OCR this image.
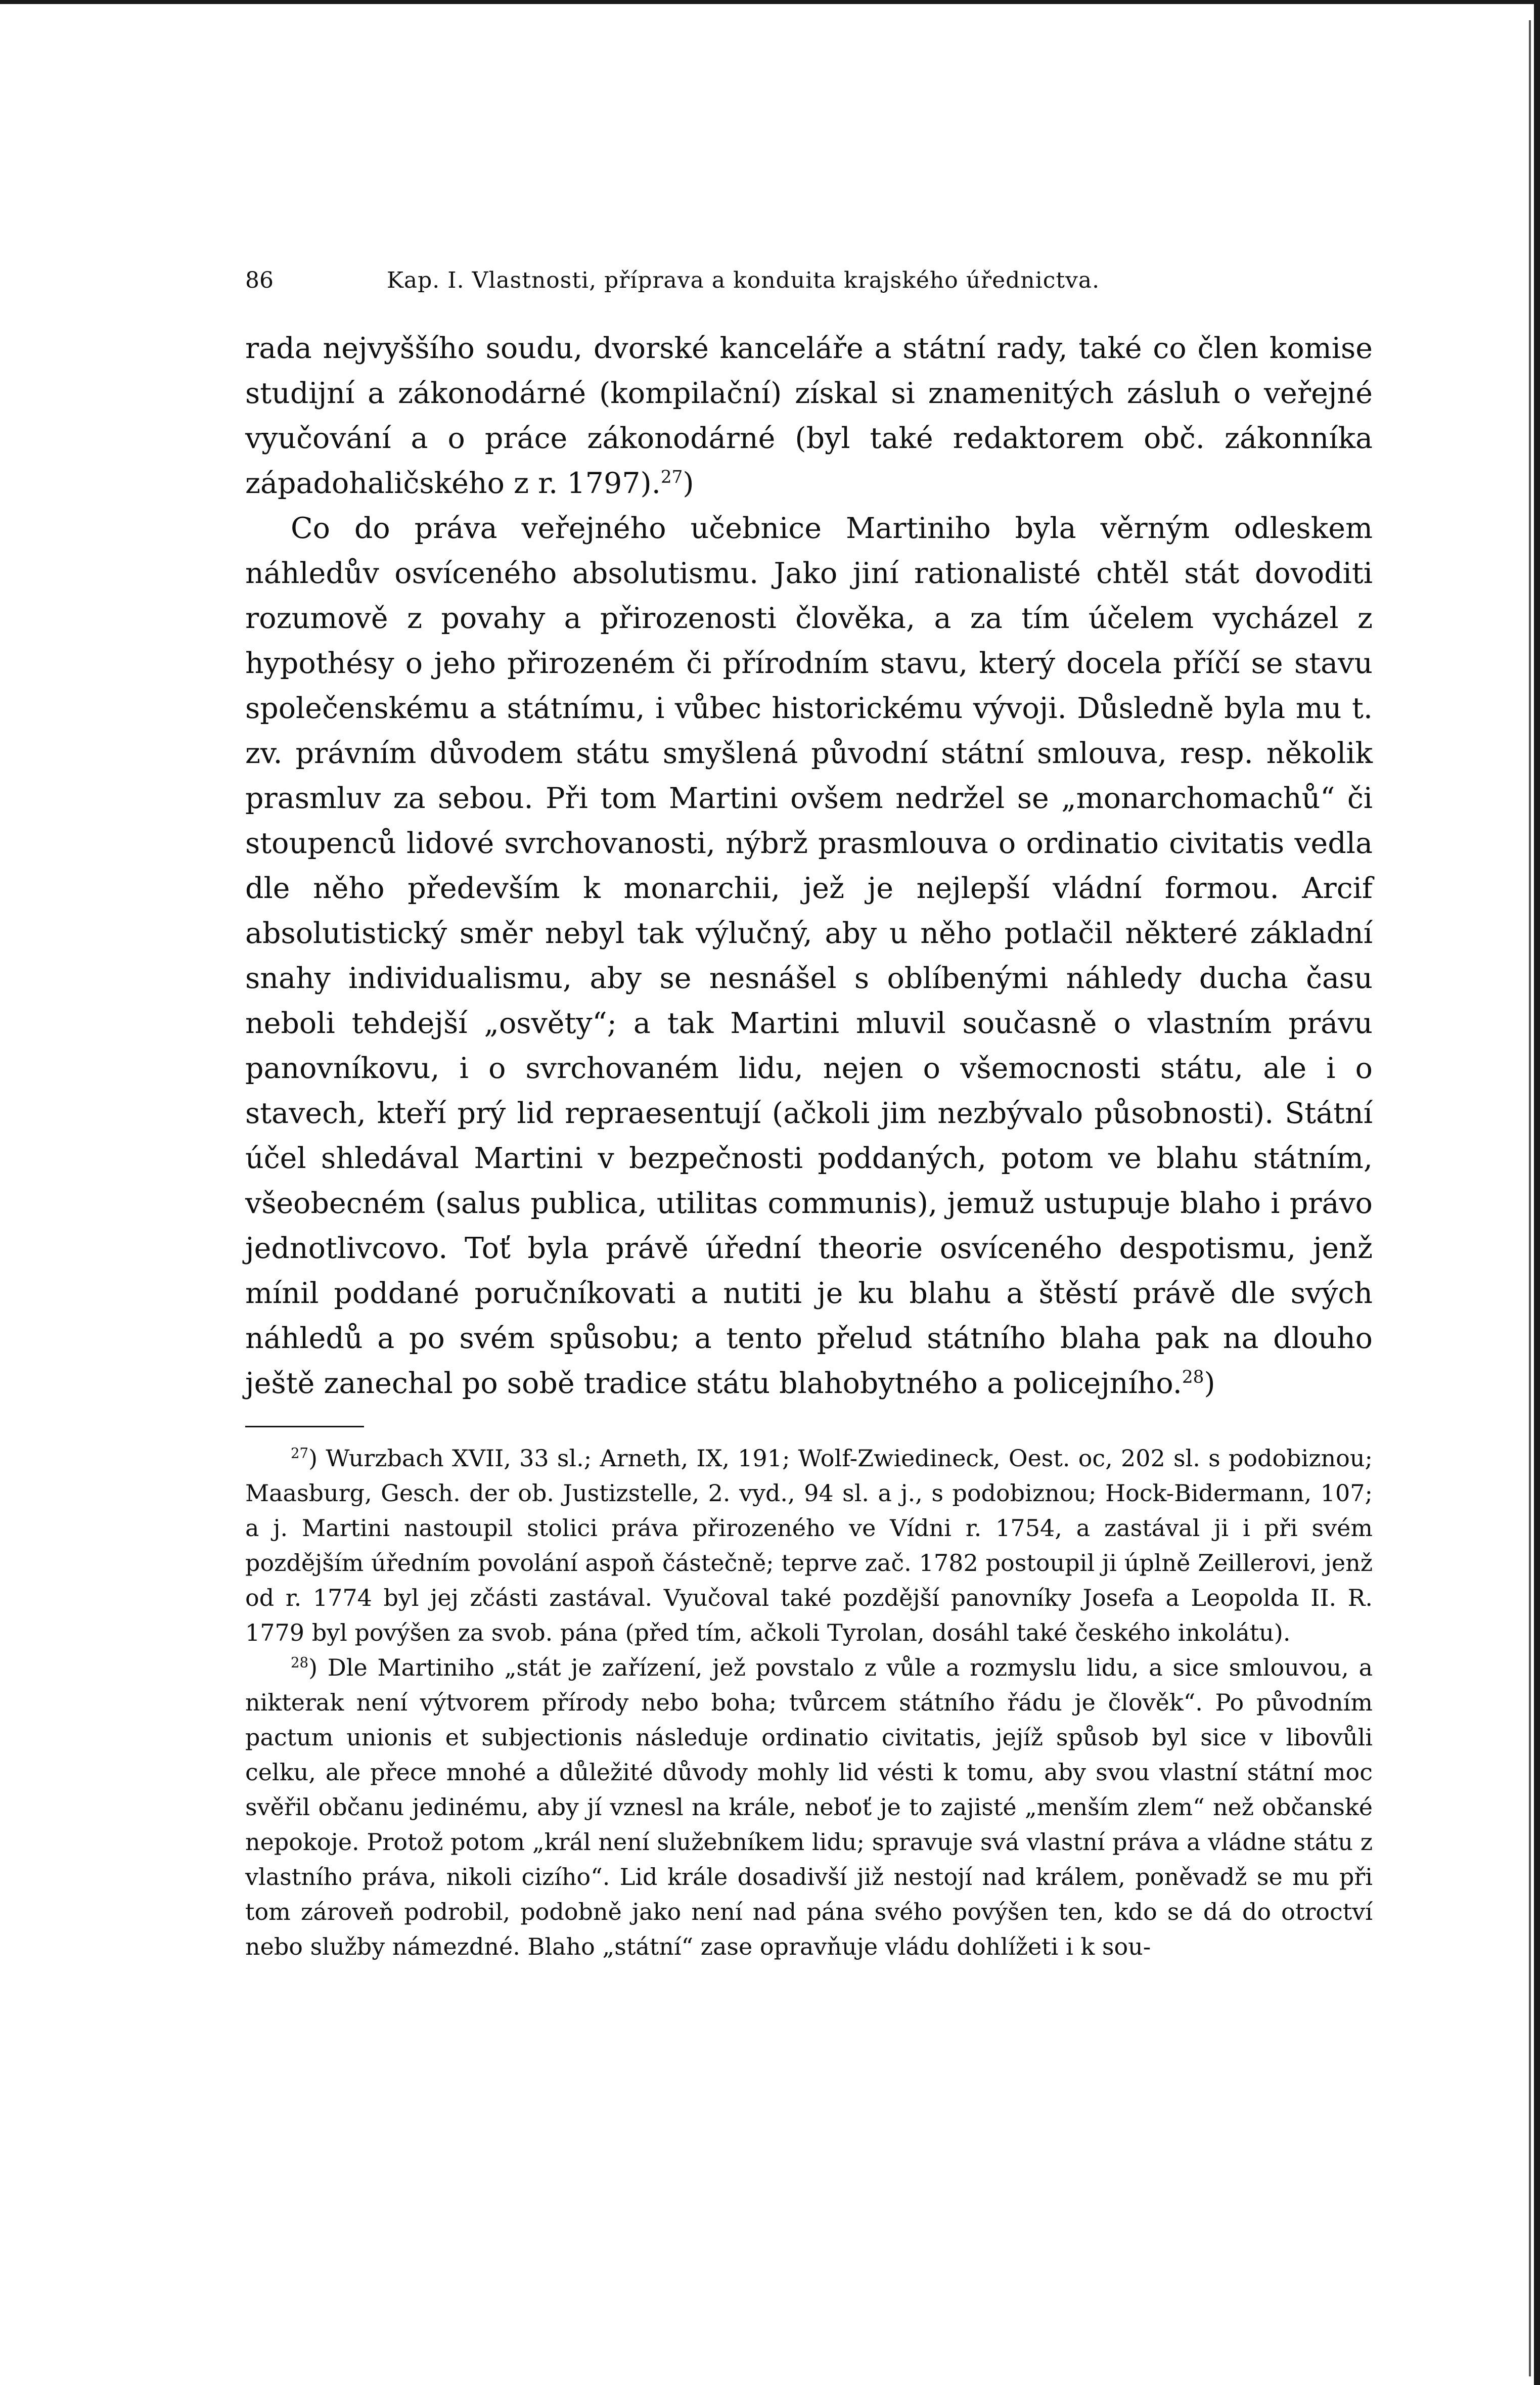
86	Kap. I. Vlastnosti, příprava a konduita krajského úřednictva.

rada nejvyššího soudu, dvorské kanceláře a státní rady, také co člen komise studijní a zákonodárné (kompilační) získal si znamenitých zásluh o veřejné vyučování a o práce zákonodárné (byl také redaktorem obč. zákonníka západohaličského z r. 1797).$^{27}$)

Co do práva veřejného učebnice Martiniho byla věrným odleskem náhledův osvíceného absolutismu. Jako jiní rationalisté chtěl stát dovoditi rozumově z povahy a přirozenosti člověka, a za tím účelem vycházel z hypothésy o jeho přirozeném či přírodním stavu, který docela příčí se stavu společenskému a státnímu, i vůbec historickému vývoji. Důsledně byla mu t. zv. právním důvodem státu smyšlená původní státní smlouva, resp. několik prasmluv za sebou. Při tom Martini ovšem nedržel se „monarchomachů“ či stoupenců lidové svrchovanosti, nýbrž prasmlouva o ordinatio civitatis vedla dle něho především k monarchii, jež je nejlepší vládní formou. Arcif absolutistický směr nebyl tak výlučný, aby u něho potlačil některé základní snahy individualismu, aby se nesnášel s oblíbenými náhledy ducha času neboli tehdejší „osvěty“; a tak Martini mluvil současně o vlastním právu panovníkovu, i o svrchovaném lidu, nejen o všemocnosti státu, ale i o stavech, kteří prý lid repraesentují (ačkoli jim nezbývalo působnosti). Státní účel shledával Martini v bezpečnosti poddaných, potom ve blahu státním, všeobecném (salus publica, utilitas communis), jemuž ustupuje blaho i právo jednotlivcovo. Toť byla právě úřední theorie osvíceného despotismu, jenž mínil poddané poručníkovati a nutiti je ku blahu a štěstí právě dle svých náhledů a po svém spůsobu; a tento přelud státního blaha pak na dlouho ještě zanechal po sobě tradice státu blahobytného a policejního.$^{28}$)

$^{27}$) Wurzbach XVII, 33 sl.; Arneth, IX, 191; Wolf-Zwiedineck, Oest. oc, 202 sl. s podobiznou; Maasburg, Gesch. der ob. Justizstelle, 2. vyd., 94 sl. a j., s podobiznou; Hock-Bidermann, 107; a j. Martini nastoupil stolici práva přirozeného ve Vídni r. 1754, a zastával ji i při svém pozdějším úředním povolání aspoň částečně; teprve zač. 1782 postoupil ji úplně Zeillerovi, jenž od r. 1774 byl jej zčásti zastával. Vyučoval také pozdější panovníky Josefa a Leopolda II. R. 1779 byl povýšen za svob. pána (před tím, ačkoli Tyrolan, dosáhl také českého inkolátu).

$^{28}$) Dle Martiniho „stát je zařízení, jež povstalo z vůle a rozmyslu lidu, a sice smlouvou, a nikterak není výtvorem přírody nebo boha; tvůrcem státního řádu je člověk“. Po původním pactum unionis et subjectionis následuje ordinatio civitatis, jejíž spůsob byl sice v libovůli celku, ale přece mnohé a důležité důvody mohly lid vésti k tomu, aby svou vlastní státní moc svěřil občanu jedinému, aby jí vznesl na krále, neboť je to zajisté „menším zlem“ než občanské nepokoje. Protož potom „král není služebníkem lidu; spravuje svá vlastní práva a vládne státu z vlastního práva, nikoli cizího“. Lid krále dosadivší již nestojí nad králem, poněvadž se mu při tom zároveň podrobil, podobně jako není nad pána svého povýšen ten, kdo se dá do otroctví nebo služby námezdné. Blaho „státní“ zase opravňuje vládu dohlížeti i k sou-
